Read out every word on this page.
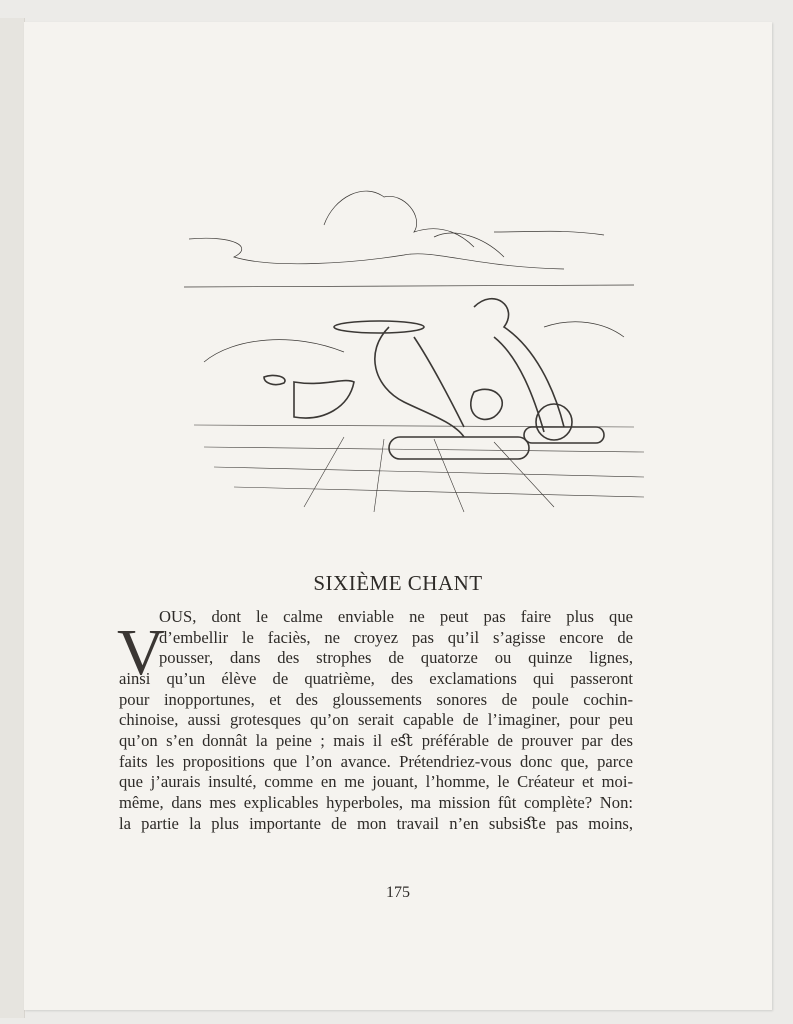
SIXIÈME CHANT
V
OUS, dont le calme enviable ne peut pas faire plus que
d’embellir le faciès, ne croyez pas qu’il s’agisse encore de
pousser, dans des strophes de quatorze ou quinze lignes,
ainsi qu’un élève de quatrième, des exclamations qui passeront
pour inopportunes, et des gloussements sonores de poule cochin-
chinoise, aussi grotesques qu’on serait capable de l’imaginer, pour peu
qu’on s’en donnât la peine ; mais il eﬆ préférable de prouver par des
faits les propositions que l’on avance. Prétendriez-vous donc que, parce
que j’aurais insulté, comme en me jouant, l’homme, le Créateur et moi-
même, dans mes explicables hyperboles, ma mission fût complète? Non:
la partie la plus importante de mon travail n’en subsiﬆe pas moins,
175
